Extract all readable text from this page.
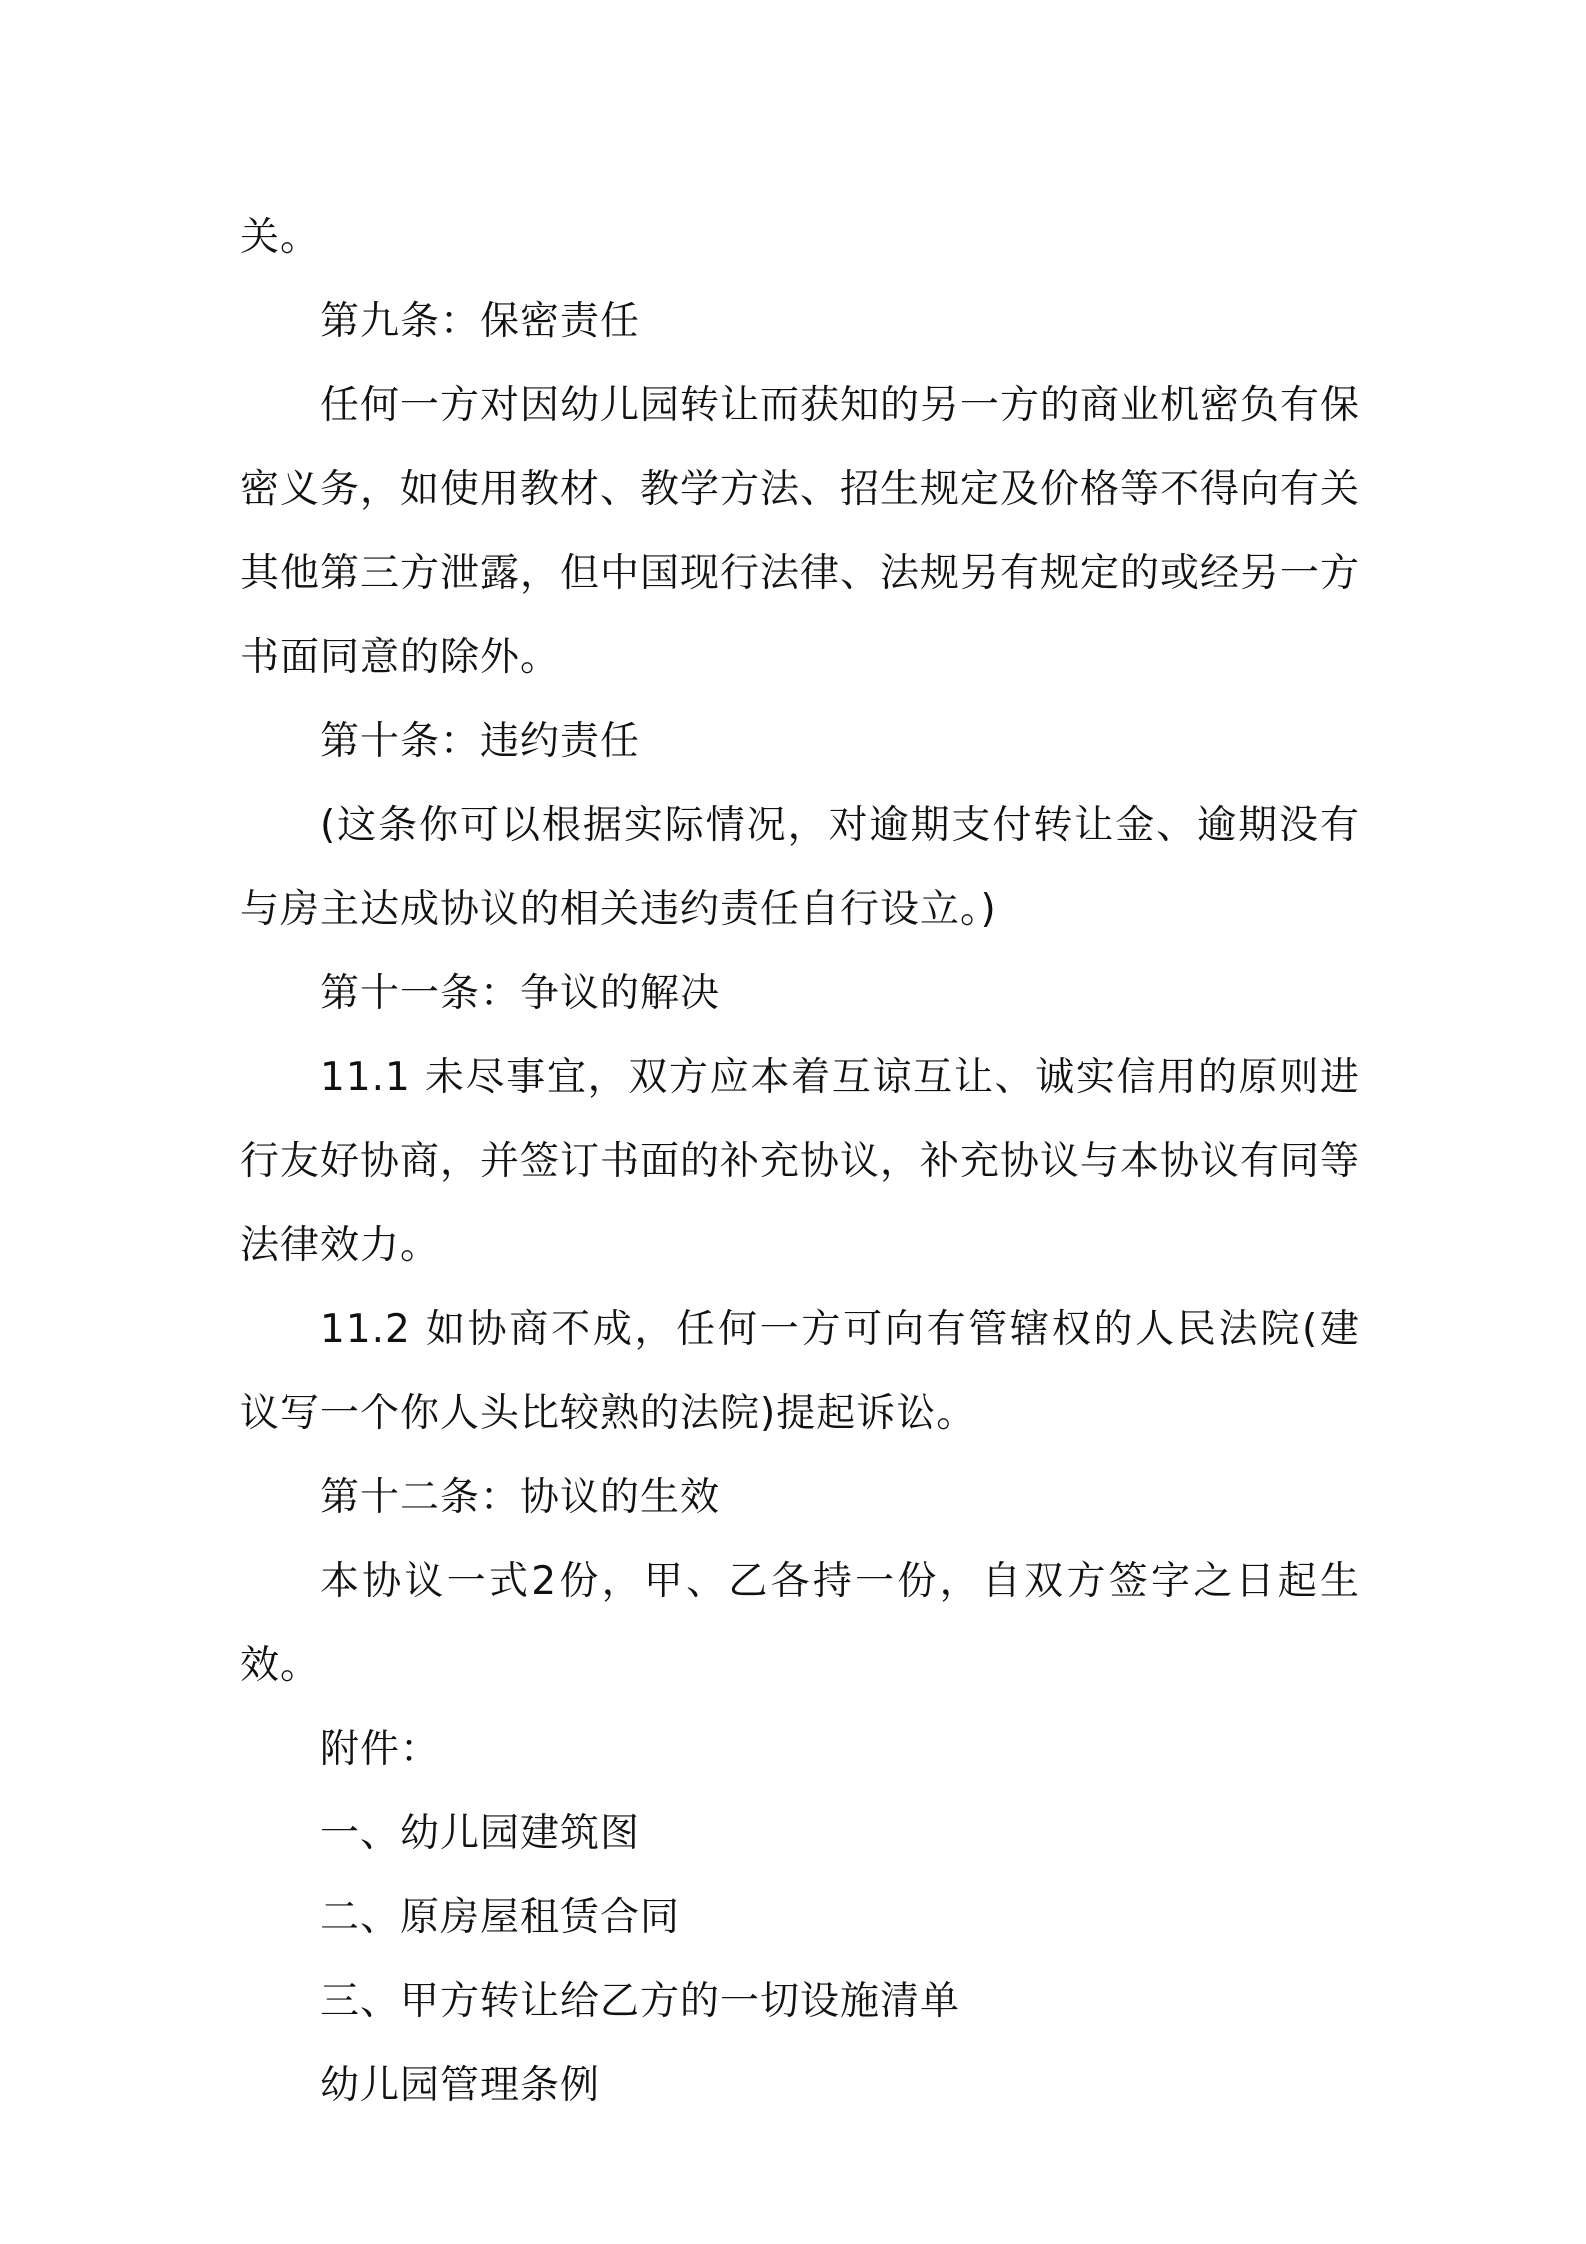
关。

第九条：保密责任

任何一方对因幼儿园转让而获知的另一方的商业机密负有保密义务，如使用教材、教学方法、招生规定及价格等不得向有关其他第三方泄露，但中国现行法律、法规另有规定的或经另一方书面同意的除外。

第十条：违约责任

(这条你可以根据实际情况，对逾期支付转让金、逾期没有与房主达成协议的相关违约责任自行设立。)

第十一条：争议的解决

11.1 未尽事宜，双方应本着互谅互让、诚实信用的原则进行友好协商，并签订书面的补充协议，补充协议与本协议有同等法律效力。

11.2 如协商不成，任何一方可向有管辖权的人民法院(建议写一个你人头比较熟的法院)提起诉讼。

第十二条：协议的生效

本协议一式2份，甲、乙各持一份，自双方签字之日起生效。

附件：

一、幼儿园建筑图

二、原房屋租赁合同

三、甲方转让给乙方的一切设施清单

幼儿园管理条例
